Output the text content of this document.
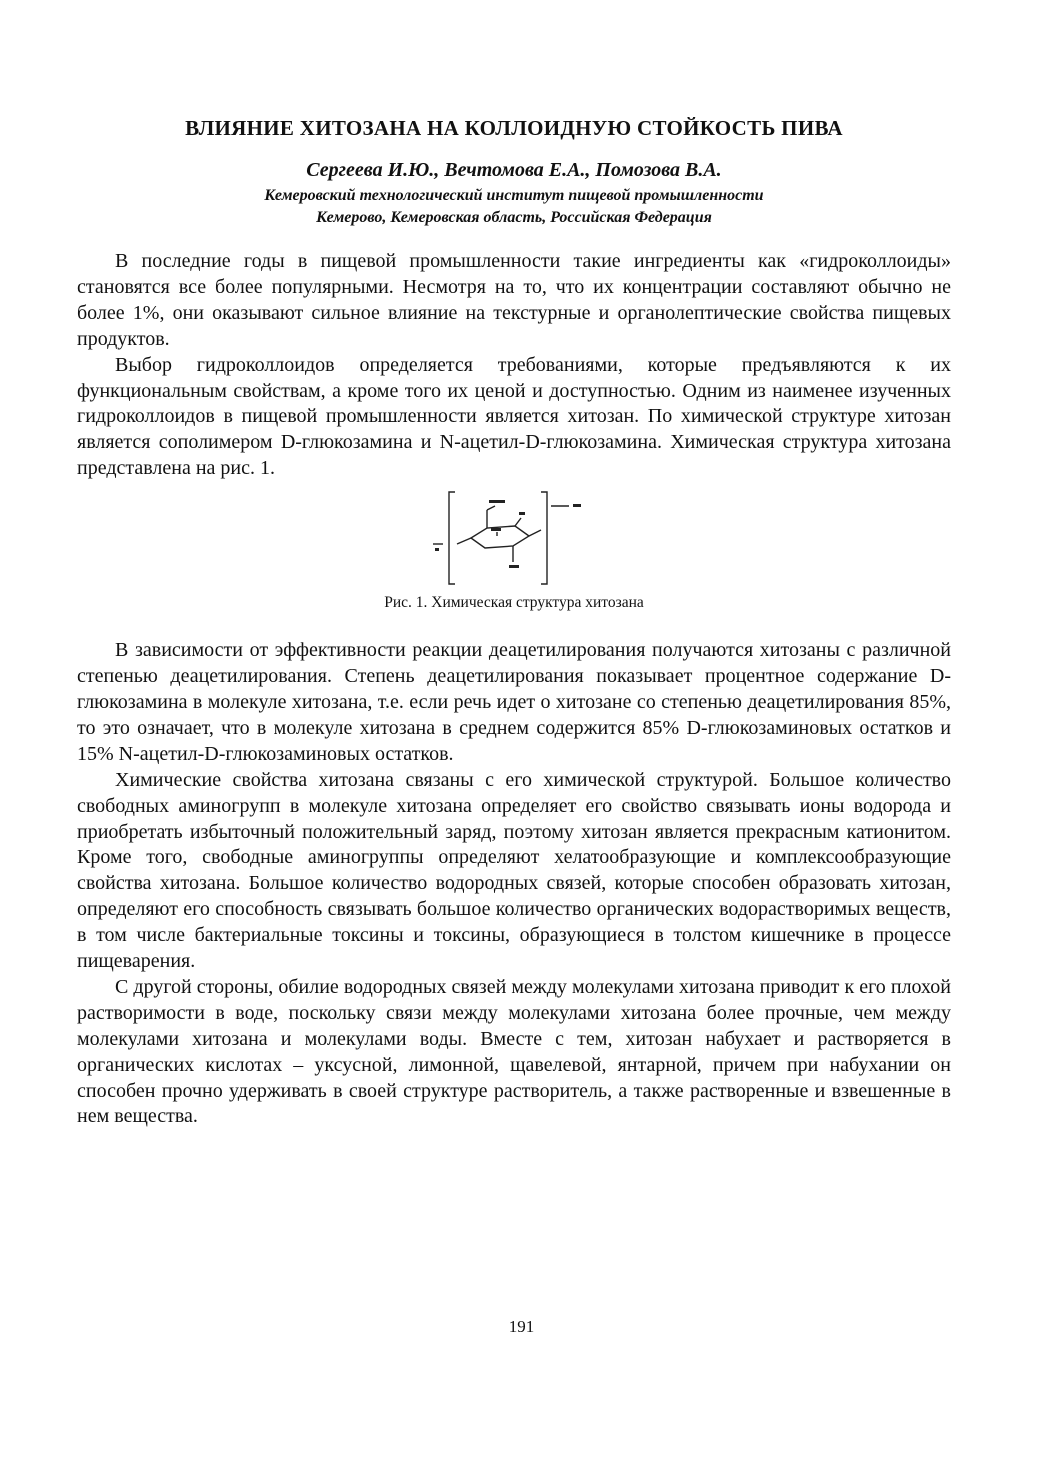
ВЛИЯНИЕ ХИТОЗАНА НА КОЛЛОИДНУЮ СТОЙКОСТЬ ПИВА

Сергеева И.Ю., Вечтомова Е.А., Помозова В.А.

Кемеровский технологический институт пищевой промышленности
Кемерово, Кемеровская область, Российская Федерация

В последние годы в пищевой промышленности такие ингредиенты как «гидроколлоиды» становятся все более популярными. Несмотря на то, что их концентрации составляют обычно не более 1%, они оказывают сильное влияние на текстурные и органолептические свойства пищевых продуктов.

Выбор гидроколлоидов определяется требованиями, которые предъявляются к их функциональным свойствам, а кроме того их ценой и доступностью. Одним из наименее изученных гидроколлоидов в пищевой промышленности является хитозан. По химической структуре хитозан является сополимером D-глюкозамина и N-ацетил-D-глюкозамина. Химическая структура хитозана представлена на рис. 1.

Рис. 1. Химическая структура хитозана

В зависимости от эффективности реакции деацетилирования получаются хитозаны с различной степенью деацетилирования. Степень деацетилирования показывает процентное содержание D-глюкозамина в молекуле хитозана, т.е. если речь идет о хитозане со степенью деацетилирования 85%, то это означает, что в молекуле хитозана в среднем содержится 85% D-глюкозаминовых остатков и 15% N-ацетил-D-глюкозаминовых остатков.

Химические свойства хитозана связаны с его химической структурой. Большое количество свободных аминогрупп в молекуле хитозана определяет его свойство связывать ионы водорода и приобретать избыточный положительный заряд, поэтому хитозан является прекрасным катионитом. Кроме того, свободные аминогруппы определяют хелатообразующие и комплексообразующие свойства хитозана. Большое количество водородных связей, которые способен образовать хитозан, определяют его способность связывать большое количество органических водорастворимых веществ, в том числе бактериальные токсины и токсины, образующиеся в толстом кишечнике в процессе пищеварения.

С другой стороны, обилие водородных связей между молекулами хитозана приводит к его плохой растворимости в воде, поскольку связи между молекулами хитозана более прочные, чем между молекулами хитозана и молекулами воды. Вместе с тем, хитозан набухает и растворяется в органических кислотах – уксусной, лимонной, щавелевой, янтарной, причем при набухании он способен прочно удерживать в своей структуре растворитель, а также растворенные и взвешенные в нем вещества.

191
